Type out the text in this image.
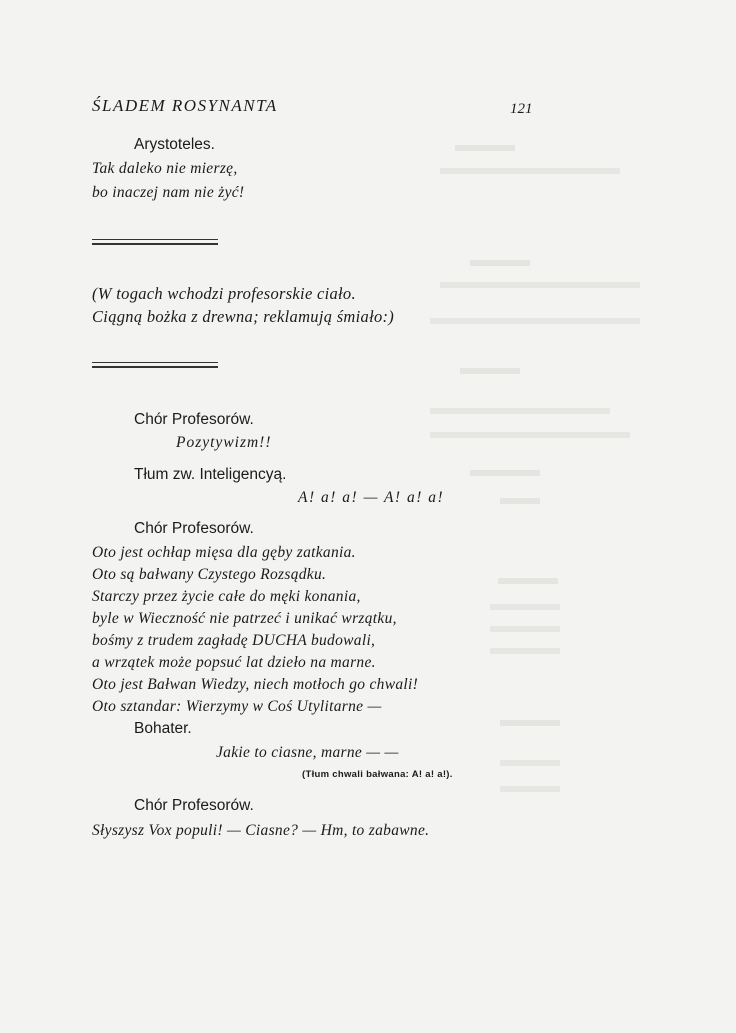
ŚLADEM ROSYNANTA	121
Arystoteles.
Tak daleko nie mierzę,
bo inaczej nam nie żyć!
(W togach wchodzi profesorskie ciało.
Ciągną bożka z drewna; reklamują śmiało:)
Chór Profesorów.
Pozytywizm!!
Tłum zw. Inteligencyą.
A! a! a! — A! a! a!
Chór Profesorów.
Oto jest ochłap mięsa dla gęby zatkania.
Oto są bałwany Czystego Rozsądku.
Starczy przez życie całe do męki konania,
byle w Wieczność nie patrzeć i unikać wrzątku,
bośmy z trudem zagładę DUCHA budowali,
a wrzątek może popsuć lat dzieło na marne.
Oto jest Bałwan Wiedzy, niech motłoch go chwali!
Oto sztandar: Wierzymy w Coś Utylitarne —
Bohater.
Jakie to ciasne, marne — —
(Tłum chwali bałwana: A! a! a!).
Chór Profesorów.
Słyszysz Vox populi! — Ciasne? — Hm, to zabawne.
